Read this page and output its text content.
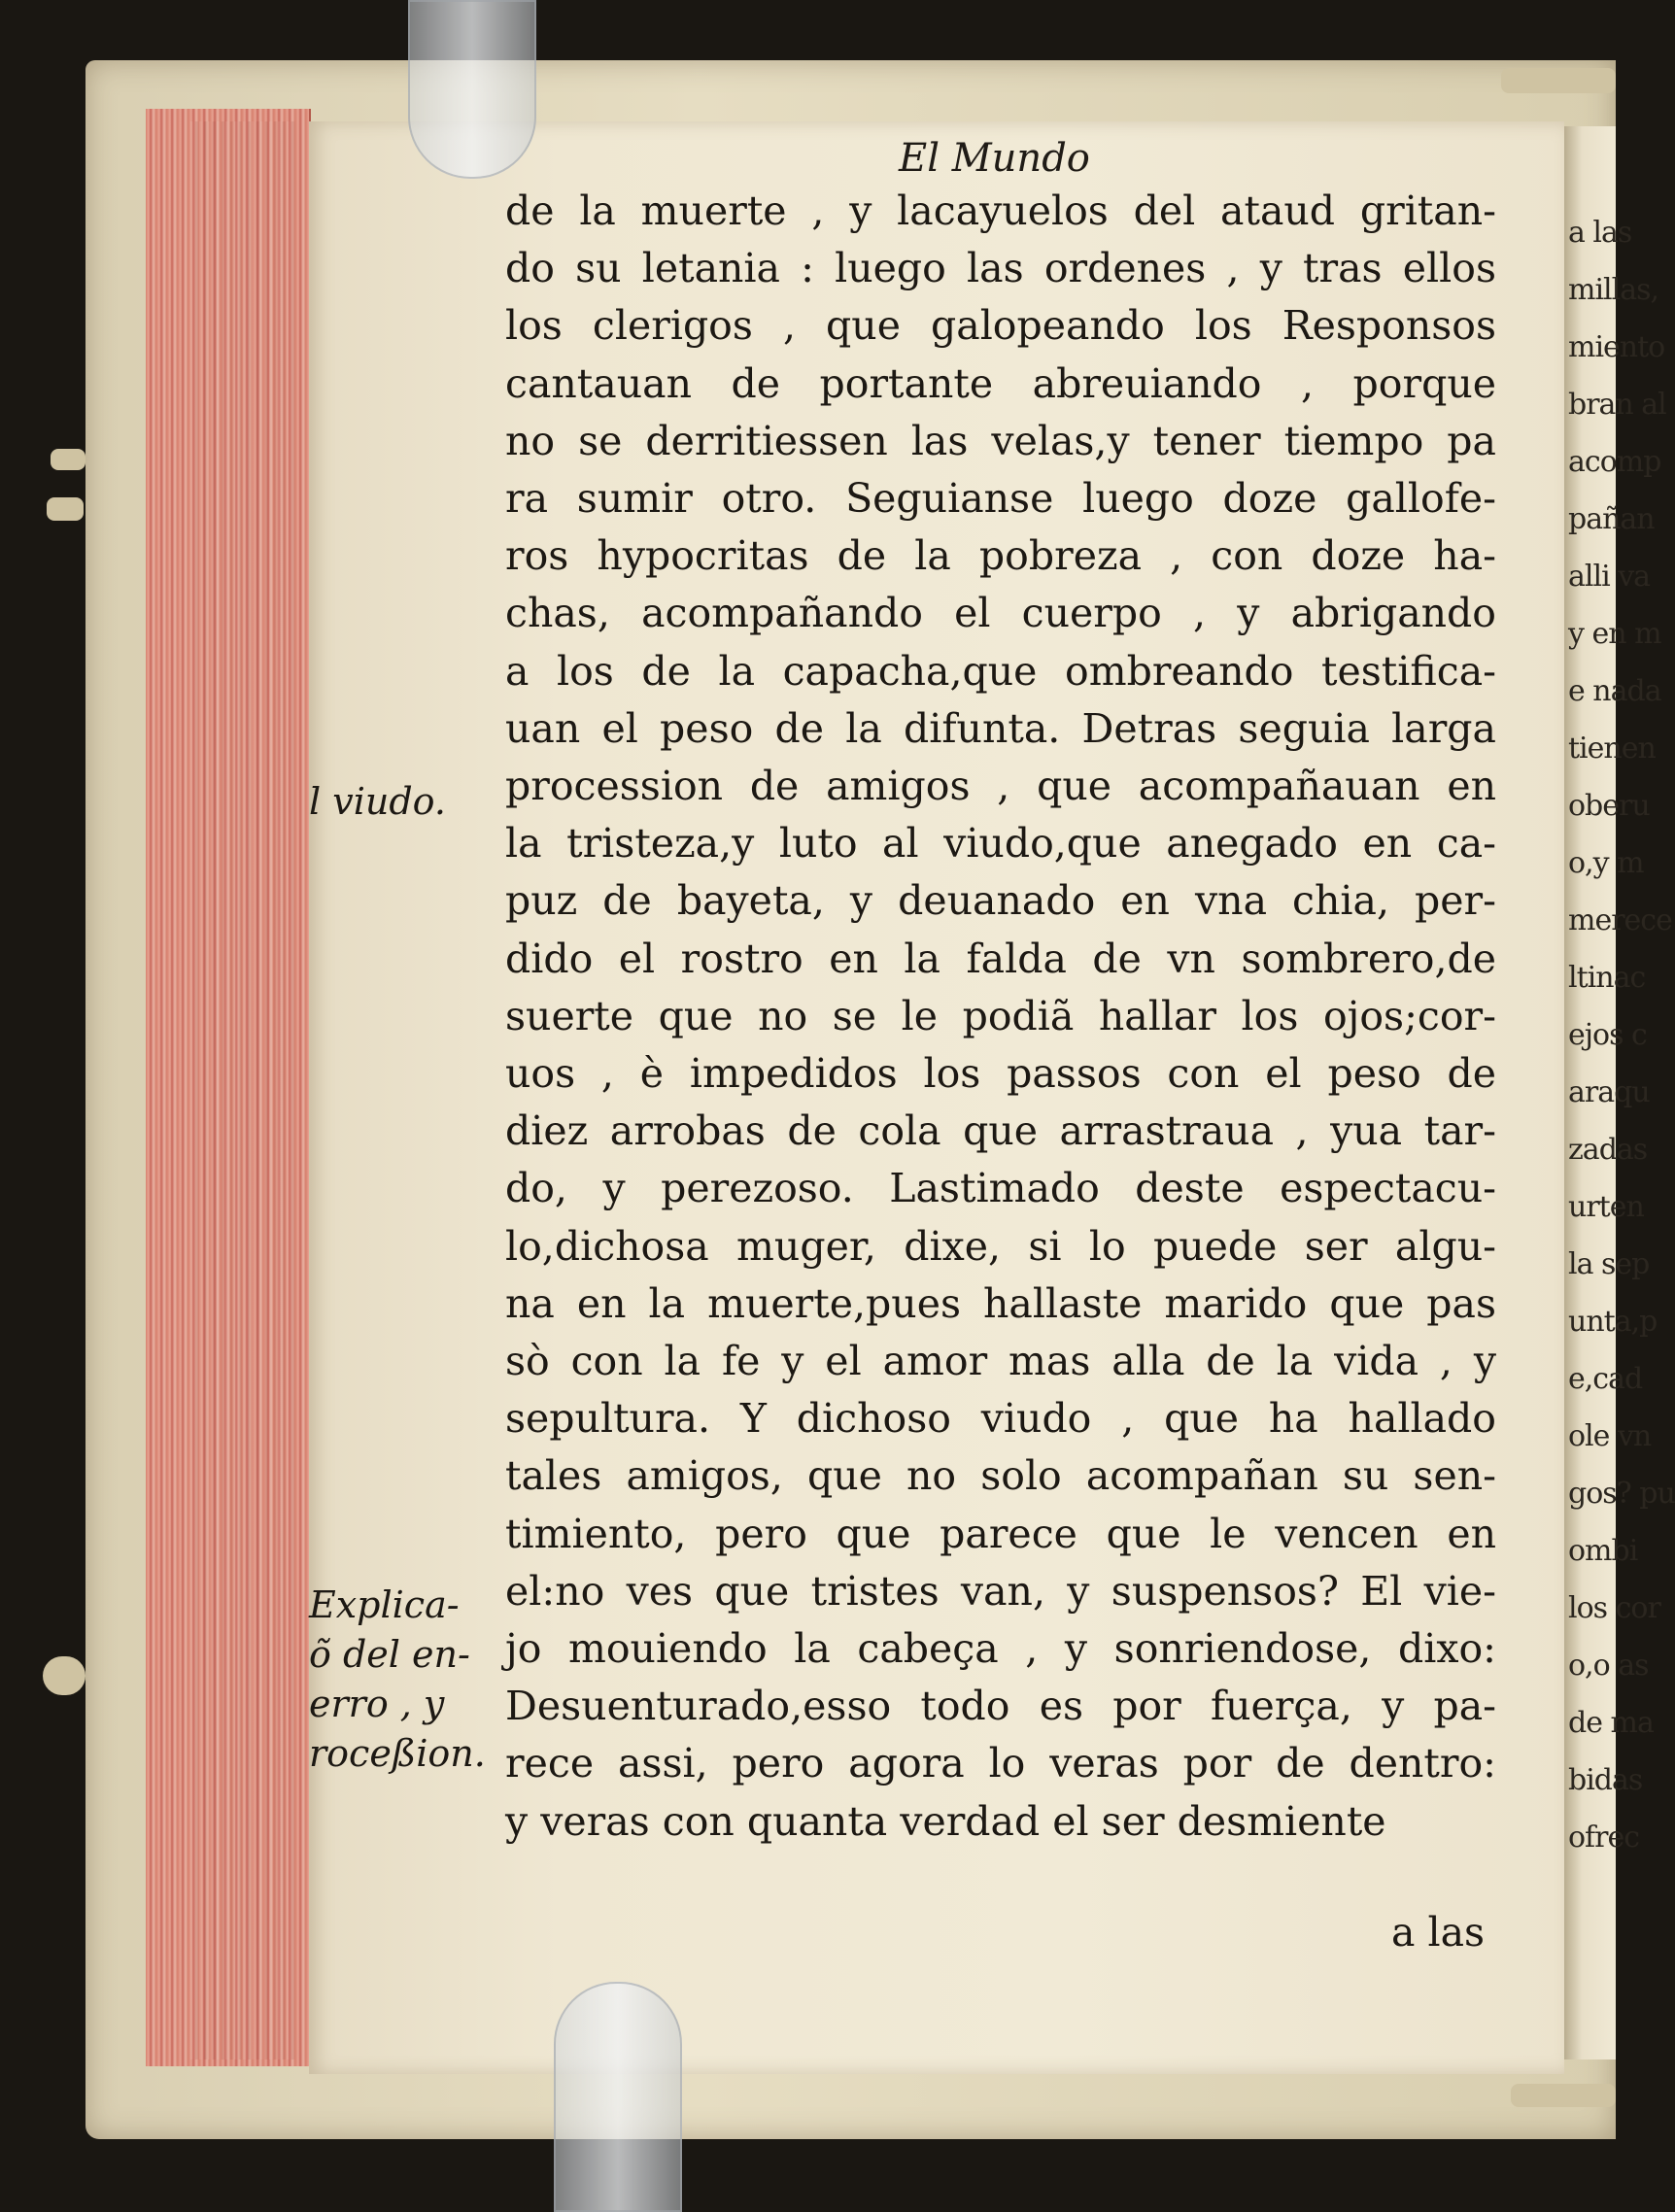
a las
millas,
miento
bran al
acomp
pañan
alli va
y en m
e nada
tienen
oberu
o,y m
merece
ltinac
ejos c
araqu
zadas
urten
la sep
unta,p
e,cad
ole vn
gos? pu
ombi
los cor
o,o as
de ma
bidas
ofrec

El Mundo
de la muerte , y lacayuelos del ataud gritan-
do su letania : luego las ordenes , y tras ellos
los clerigos , que galopeando los Responsos
cantauan de portante abreuiando , porque
no se derritiessen las velas,y tener tiempo pa
ra sumir otro. Seguianse luego doze gallofe-
ros hypocritas de la pobreza , con doze ha-
chas, acompañando el cuerpo , y abrigando
a los de la capacha,que ombreando testifica-
uan el peso de la difunta. Detras seguia larga
procession de amigos , que acompañauan en
la tristeza,y luto al viudo,que anegado en ca-
puz de bayeta, y deuanado en vna chia, per-
dido el rostro en la falda de vn sombrero,de
suerte que no se le podiã hallar los ojos;cor-
uos , è impedidos los passos con el peso de
diez arrobas de cola que arrastraua , yua tar-
do, y perezoso. Lastimado deste espectacu-
lo,dichosa muger, dixe, si lo puede ser algu-
na en la muerte,pues hallaste marido que pas
sò con la fe y el amor mas alla de la vida , y
sepultura. Y dichoso viudo , que ha hallado
tales amigos, que no solo acompañan su sen-
timiento, pero que parece que le vencen en
el:no ves que tristes van, y suspensos? El vie-
jo mouiendo la cabeça , y sonriendose, dixo:
Desuenturado,esso todo es por fuerça, y pa-
rece assi, pero agora lo veras por de dentro:
y veras con quanta verdad el ser desmiente
l viudo.
Explica-
õ del en-
erro , y
roceßion.
a las
